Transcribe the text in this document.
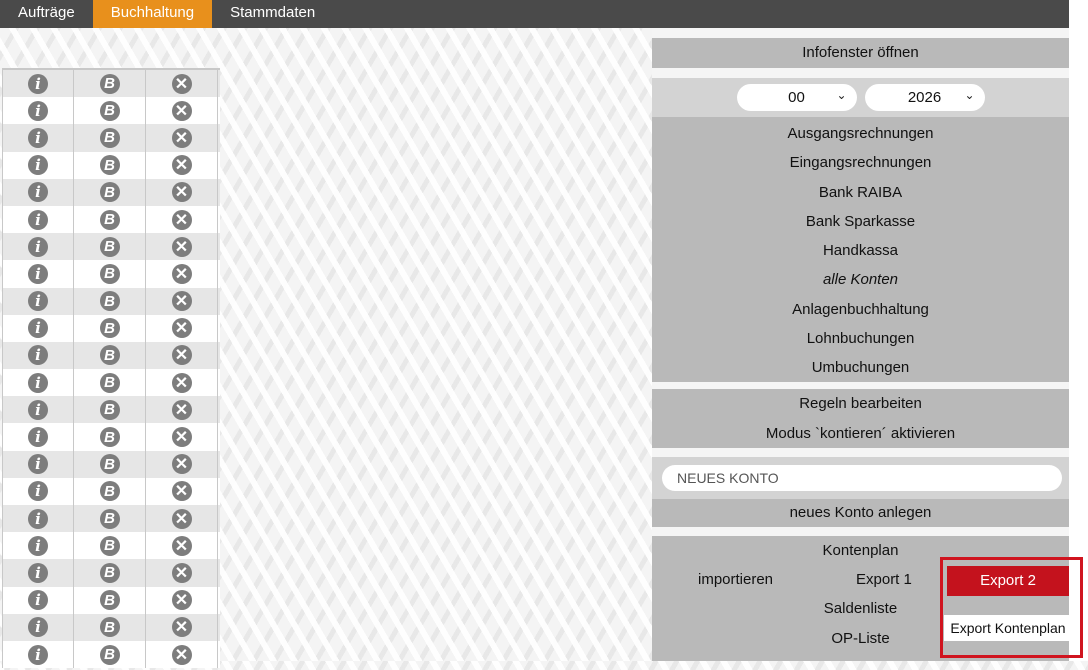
Aufträge	Buchhaltung	Stammdaten
i	B	✕
i	B	✕
i	B	✕
i	B	✕
i	B	✕
i	B	✕
i	B	✕
i	B	✕
i	B	✕
i	B	✕
i	B	✕
i	B	✕
i	B	✕
i	B	✕
i	B	✕
i	B	✕
i	B	✕
i	B	✕
i	B	✕
i	B	✕
i	B	✕
i	B	✕
Infofenster öffnen
00	⌄	2026 ⌄
Ausgangsrechnungen
Eingangsrechnungen
Bank RAIBA
Bank Sparkasse
Handkassa
alle Konten
Anlagenbuchhaltung
Lohnbuchungen
Umbuchungen
Regeln bearbeiten
Modus `kontieren´ aktivieren
NEUES KONTO
neues Konto anlegen
Kontenplan
importieren	Export 1
Saldenliste
OP-Liste
Export 2
Export Kontenplan
